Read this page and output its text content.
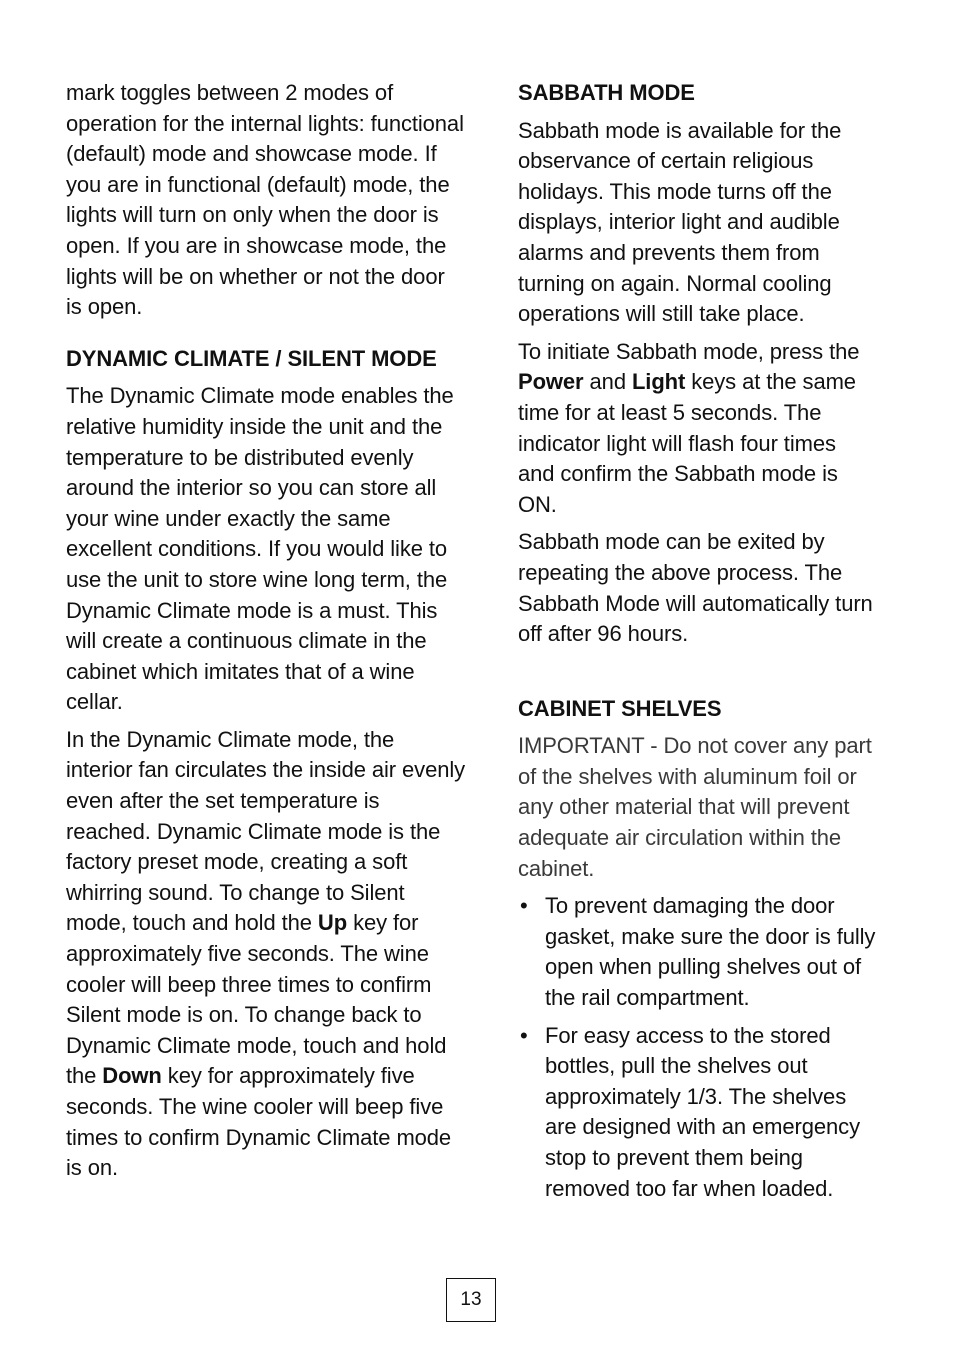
mark toggles between 2 modes of operation for the internal lights: functional (default) mode and showcase mode. If you are in functional (default) mode, the lights will turn on only when the door is open. If you are in showcase mode, the lights will be on whether or not the door is open.

DYNAMIC CLIMATE / SILENT MODE

The Dynamic Climate mode enables the relative humidity inside the unit and the temperature to be distributed evenly around the interior so you can store all your wine under exactly the same excellent conditions. If you would like to use the unit to store wine long term, the Dynamic Climate mode is a must. This will create a continuous climate in the cabinet which imitates that of a wine cellar.

In the Dynamic Climate mode, the interior fan circulates the inside air evenly even after the set temperature is reached. Dynamic Climate mode is the factory preset mode, creating a soft whirring sound. To change to Silent mode, touch and hold the Up key for approximately five seconds. The wine cooler will beep three times to confirm Silent mode is on. To change back to Dynamic Climate mode, touch and hold the Down key for approximately five seconds. The wine cooler will beep five times to confirm Dynamic Climate mode is on.

SABBATH MODE

Sabbath mode is available for the observance of certain religious holidays. This mode turns off the displays, interior light and audible alarms and prevents them from turning on again. Normal cooling operations will still take place.

To initiate Sabbath mode, press the Power and Light keys at the same time for at least 5 seconds. The indicator light will flash four times and confirm the Sabbath mode is ON.

Sabbath mode can be exited by repeating the above process. The Sabbath Mode will automatically turn off after 96 hours.

CABINET SHELVES

IMPORTANT - Do not cover any part of the shelves with aluminum foil or any other material that will prevent adequate air circulation within the cabinet.

• To prevent damaging the door gasket, make sure the door is fully open when pulling shelves out of the rail compartment.
• For easy access to the stored bottles, pull the shelves out approximately 1/3. The shelves are designed with an emergency stop to prevent them being removed too far when loaded.
13
